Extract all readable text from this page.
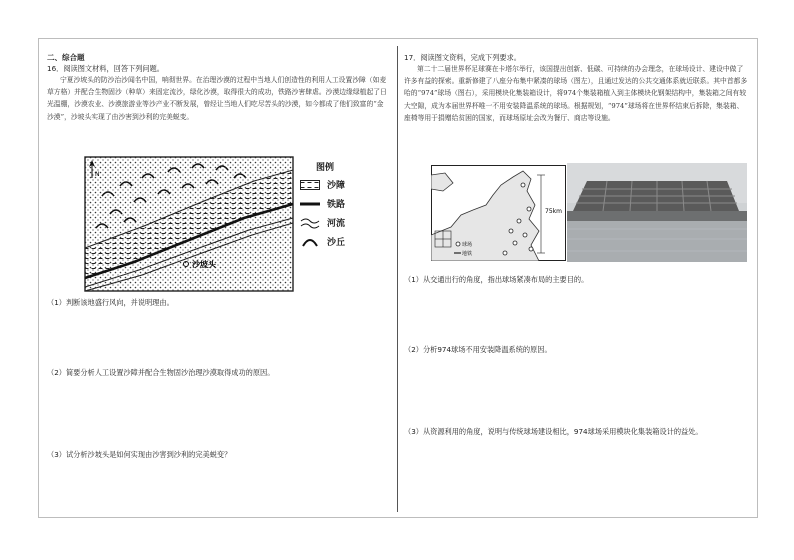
二、综合题

16．阅读图文材料，回答下列问题。

宁夏沙坡头的防沙治沙闻名中国，响彻世界。在治理沙漠的过程中当地人们创造性的利用人工设置沙障（如麦草方格）并配合生物固沙（种草）来固定流沙，绿化沙漠，取得很大的成功，铁路沙害肆虐。沙漠边缘绿植起了日光温棚，沙漠农业、沙漠旅游业等沙产业不断发展，曾经让当地人们吃尽苦头的沙漠，如今都成了他们致富的“金沙漠”，沙坡头实现了由沙害到沙利的完美蜕变。

N
沙坡头
图例
沙障
铁路
河流
沙丘

（1）判断该地盛行风向，并说明理由。

（2）简要分析人工设置沙障并配合生物固沙治理沙漠取得成功的原因。

（3）试分析沙坡头是如何实现由沙害到沙利的完美蜕变？

17．阅读图文资料，完成下列要求。

第二十二届世界杯足球赛在卡塔尔举行，该国提出创新、低碳、可持续的办会理念，在球场设计、建设中做了许多有益的探索。重新修建了八座分布集中紧凑的球场（图左），且通过发达的公共交通体系就近联系。其中首都多哈的“974”球场（图右），采用模块化集装箱设计，将974个集装箱植入到主体模块化钢架结构中，集装箱之间有较大空隙，成为本届世界杯唯一不用安装降温系统的球场。根据规划，“974”球场将在世界杯结束后拆除，集装箱、座椅等用于捐赠给贫困的国家，而球场原址会改为餐厅、商店等设施。

75km
球场
地铁

（1）从交通出行的角度，指出球场紧凑布局的主要目的。

（2）分析974球场不用安装降温系统的原因。

（3）从资源利用的角度，说明与传统球场建设相比，974球场采用模块化集装箱设计的益处。
